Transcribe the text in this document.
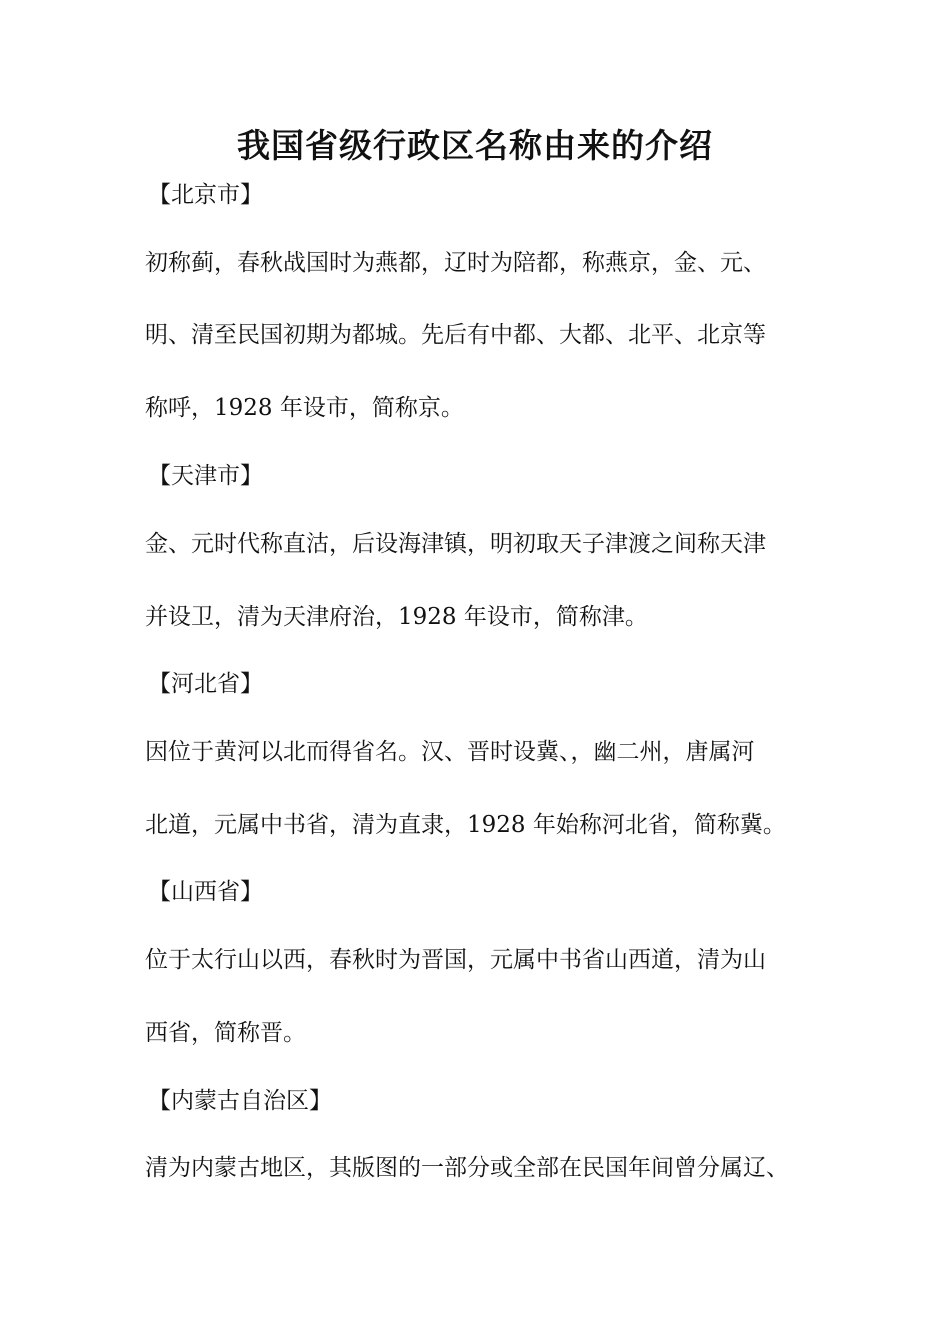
我国省级行政区名称由来的介绍

【北京市】

初称蓟，春秋战国时为燕都，辽时为陪都，称燕京，金、元、

明、清至民国初期为都城。先后有中都、大都、北平、北京等

称呼，1928 年设市，简称京。

【天津市】

金、元时代称直沽，后设海津镇，明初取天子津渡之间称天津

并设卫，清为天津府治，1928 年设市，简称津。

【河北省】

因位于黄河以北而得省名。汉、晋时设冀、，幽二州，唐属河

北道，元属中书省，清为直隶，1928 年始称河北省，简称冀。

【山西省】

位于太行山以西，春秋时为晋国，元属中书省山西道，清为山

西省，简称晋。

【内蒙古自治区】

清为内蒙古地区，其版图的一部分或全部在民国年间曾分属辽、
